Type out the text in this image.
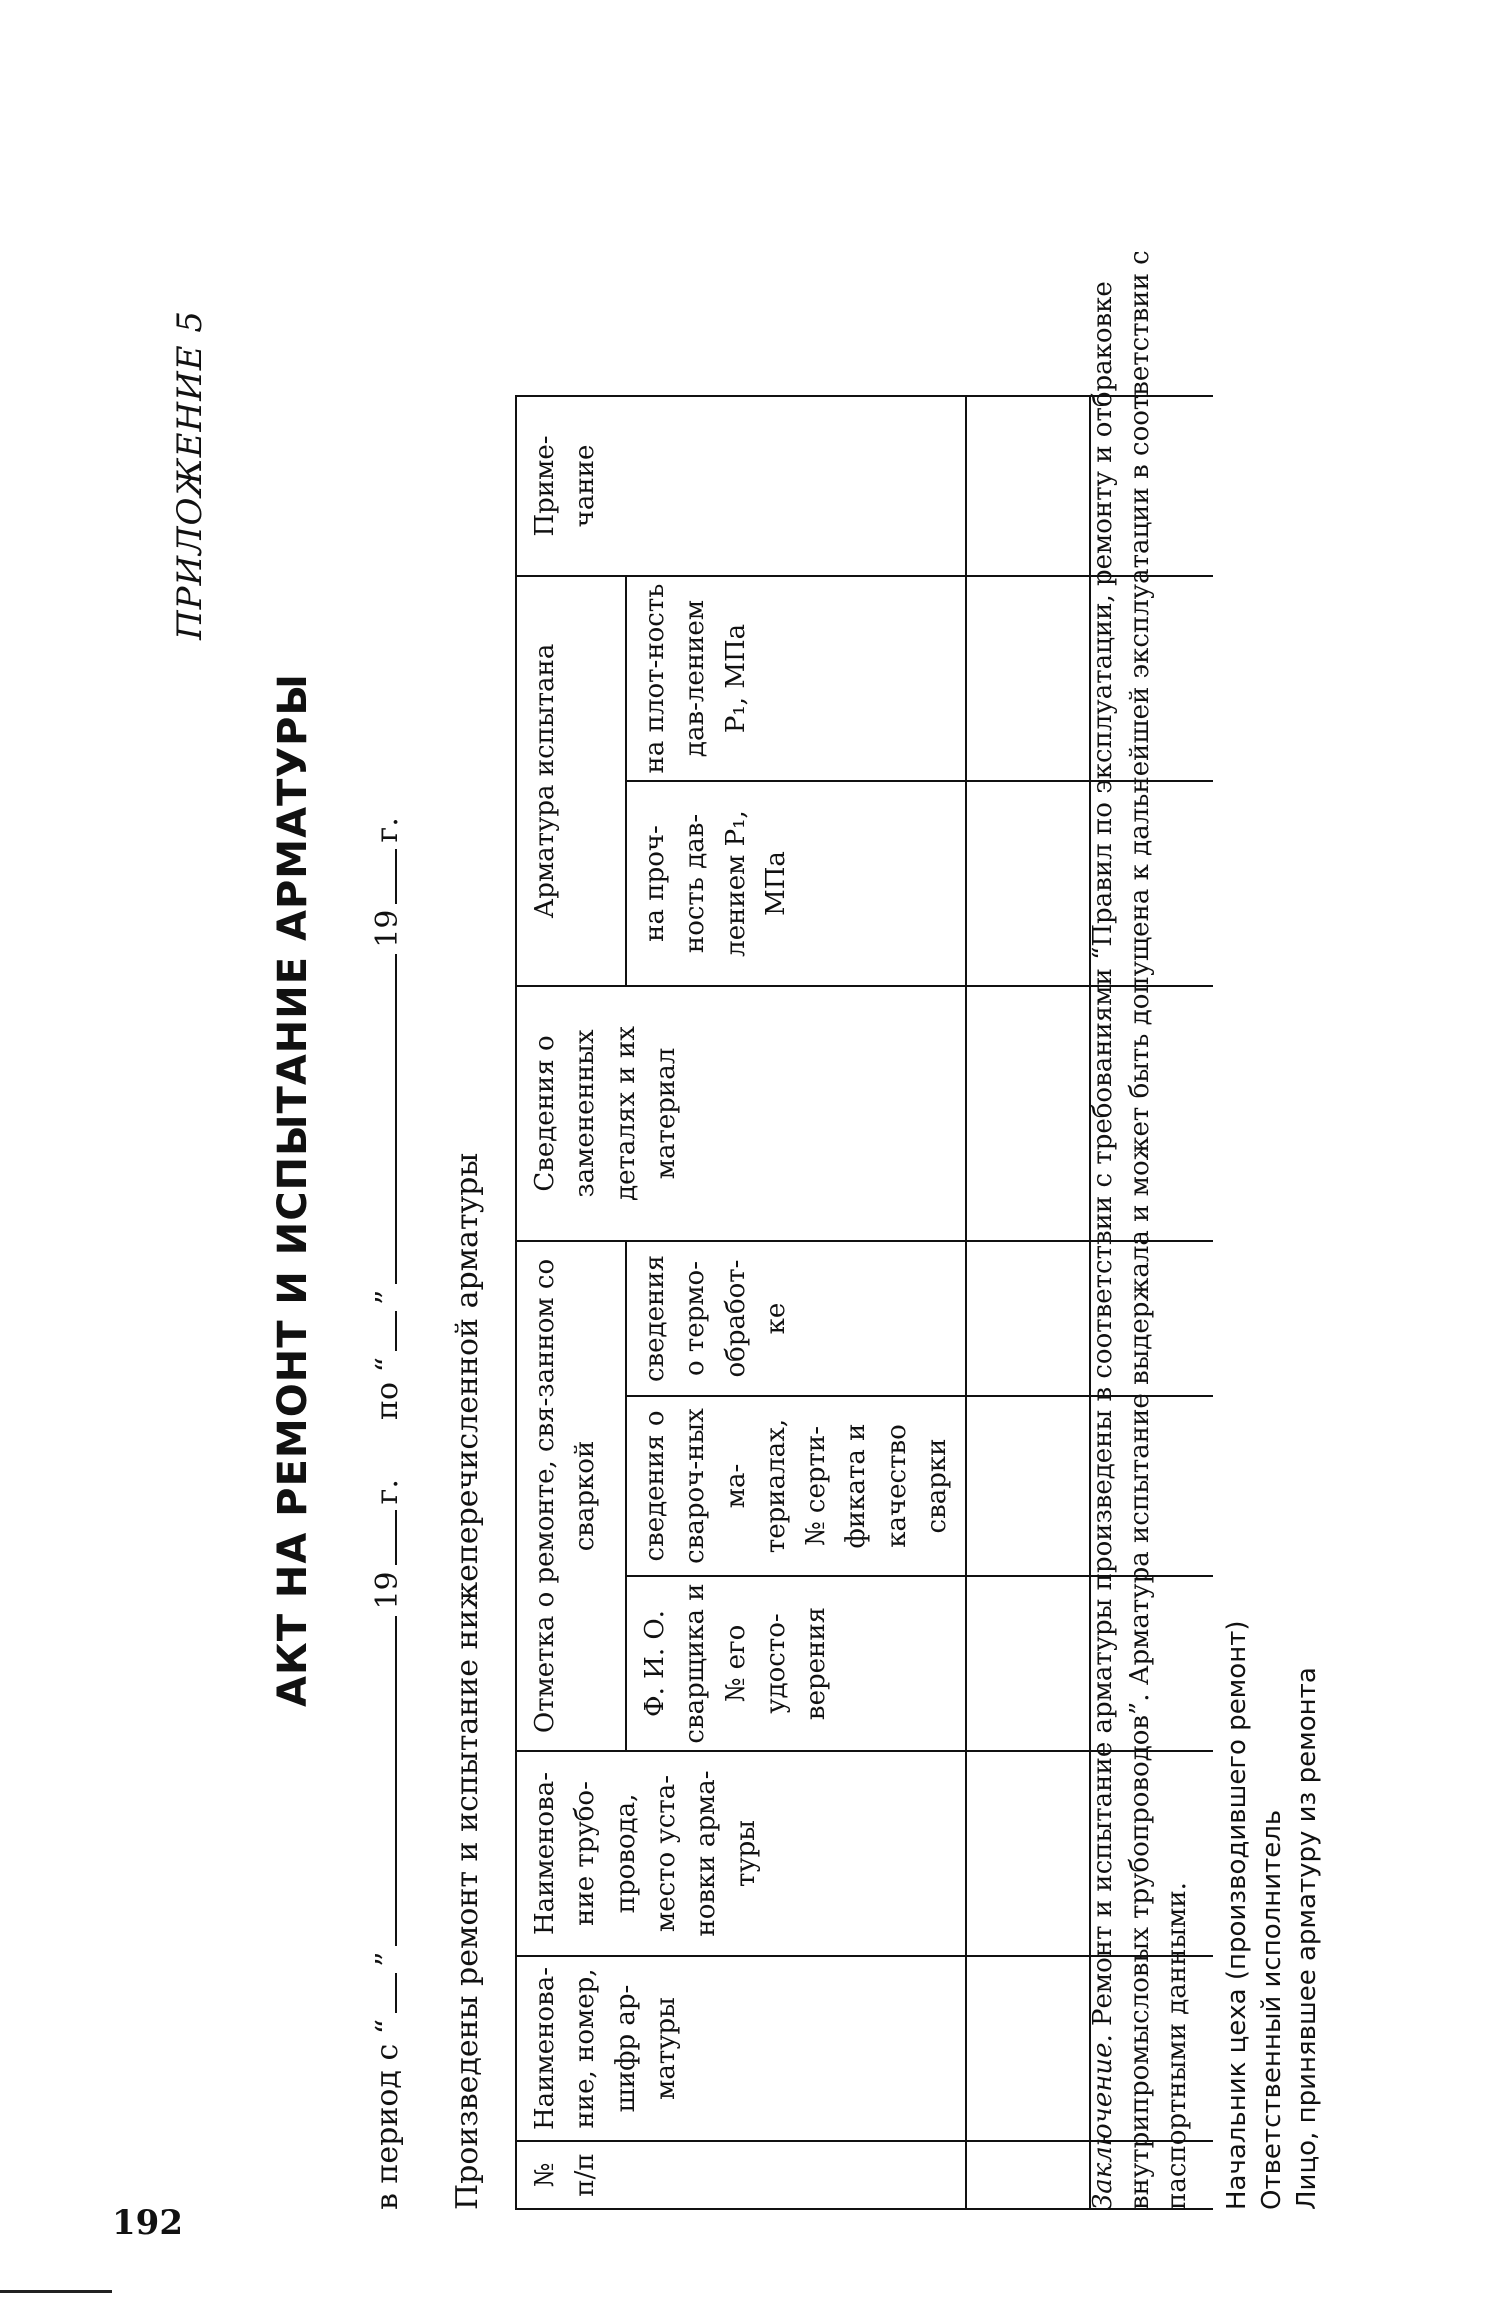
192
ПРИЛОЖЕНИЕ 5
АКТ НА РЕМОНТ И ИСПЫТАНИЕ АРМАТУРЫ
в период с “”19г.  по “”19г.
Произведены ремонт и испытание нижеперечисленной арматуры № п/п	Наименова-ние, номер, шифр ар-матуры	Наименова-ние трубо-провода, место уста-новки арма-туры	Отметка о ремонте, свя-занном со сваркой			Сведения о замененных деталях и их материал	Арматура испытана		Приме-чание
			Ф. И. О. сварщика и № его удосто-верения	сведения о свароч-ных ма-териалах, № серти-фиката и качество сварки	сведения о термо-обработ-ке		на проч-ность дав-лением P₁, МПа	на плот-ность дав-лением P₁, МПа	

Заключение. Ремонт и испытание арматуры произведены в соответствии с требованиями “Правил по эксплуатации, ремонту и отбраковке внутрипромысловых трубопроводов”. Арматура испытание выдержала и может быть допущена к дальнейшей эксплуатации в соответствии с паспортными данными. Начальник цеха (производившего ремонт) Ответственный исполнитель Лицо, принявшее арматуру из ремонта
